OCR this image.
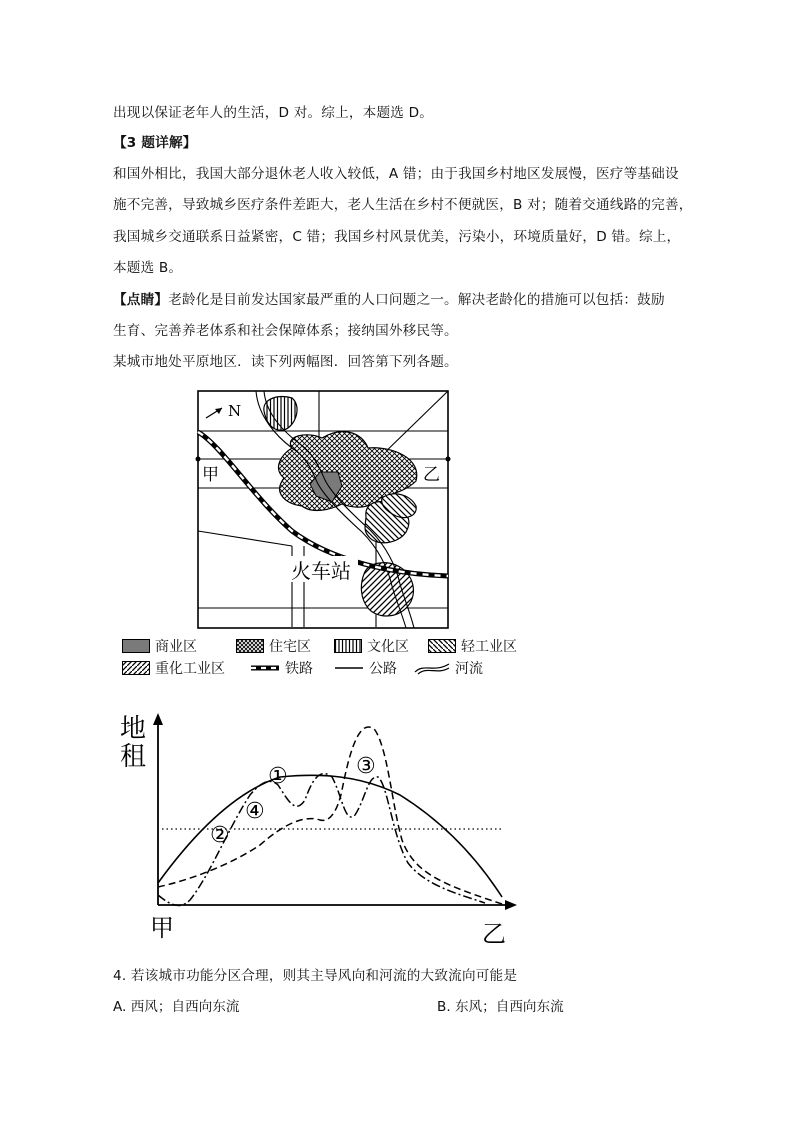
出现以保证老年人的生活，D 对。综上，本题选 D。
【3 题详解】
和国外相比，我国大部分退休老人收入较低，A 错；由于我国乡村地区发展慢，医疗等基础设
施不完善，导致城乡医疗条件差距大，老人生活在乡村不便就医，B 对；随着交通线路的完善，
我国城乡交通联系日益紧密，C 错；我国乡村风景优美，污染小，环境质量好，D 错。综上，
本题选 B。
【点睛】老龄化是目前发达国家最严重的人口问题之一。解决老龄化的措施可以包括：鼓励
生育、完善养老体系和社会保障体系；接纳国外移民等。
某城市地处平原地区．读下列两幅图．回答第下列各题。
N
甲	乙
火车站
商业区	住宅区	文化区	轻工业区
重化工业区	铁路	公路	河流
地
租
①
②
③
④
甲	乙
4. 若该城市功能分区合理，则其主导风向和河流的大致流向可能是
A. 西风；自西向东流	B. 东风；自西向东流
